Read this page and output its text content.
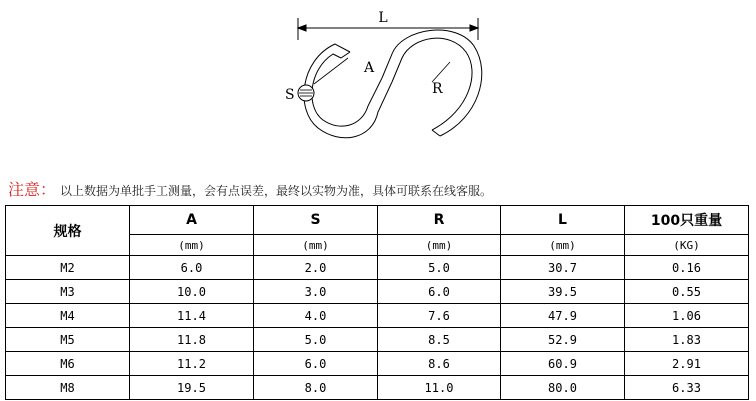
L
S
A
R
注意： 以上数据为单批手工测量，会有点误差，最终以实物为准，具体可联系在线客服。
规格	A	S	R	L	100只重量
	(mm)	(mm)	(mm)	(mm)	(KG)
M2	6.0	2.0	5.0	30.7	0.16
M3	10.0	3.0	6.0	39.5	0.55
M4	11.4	4.0	7.6	47.9	1.06
M5	11.8	5.0	8.5	52.9	1.83
M6	11.2	6.0	8.6	60.9	2.91
M8	19.5	8.0	11.0	80.0	6.33
